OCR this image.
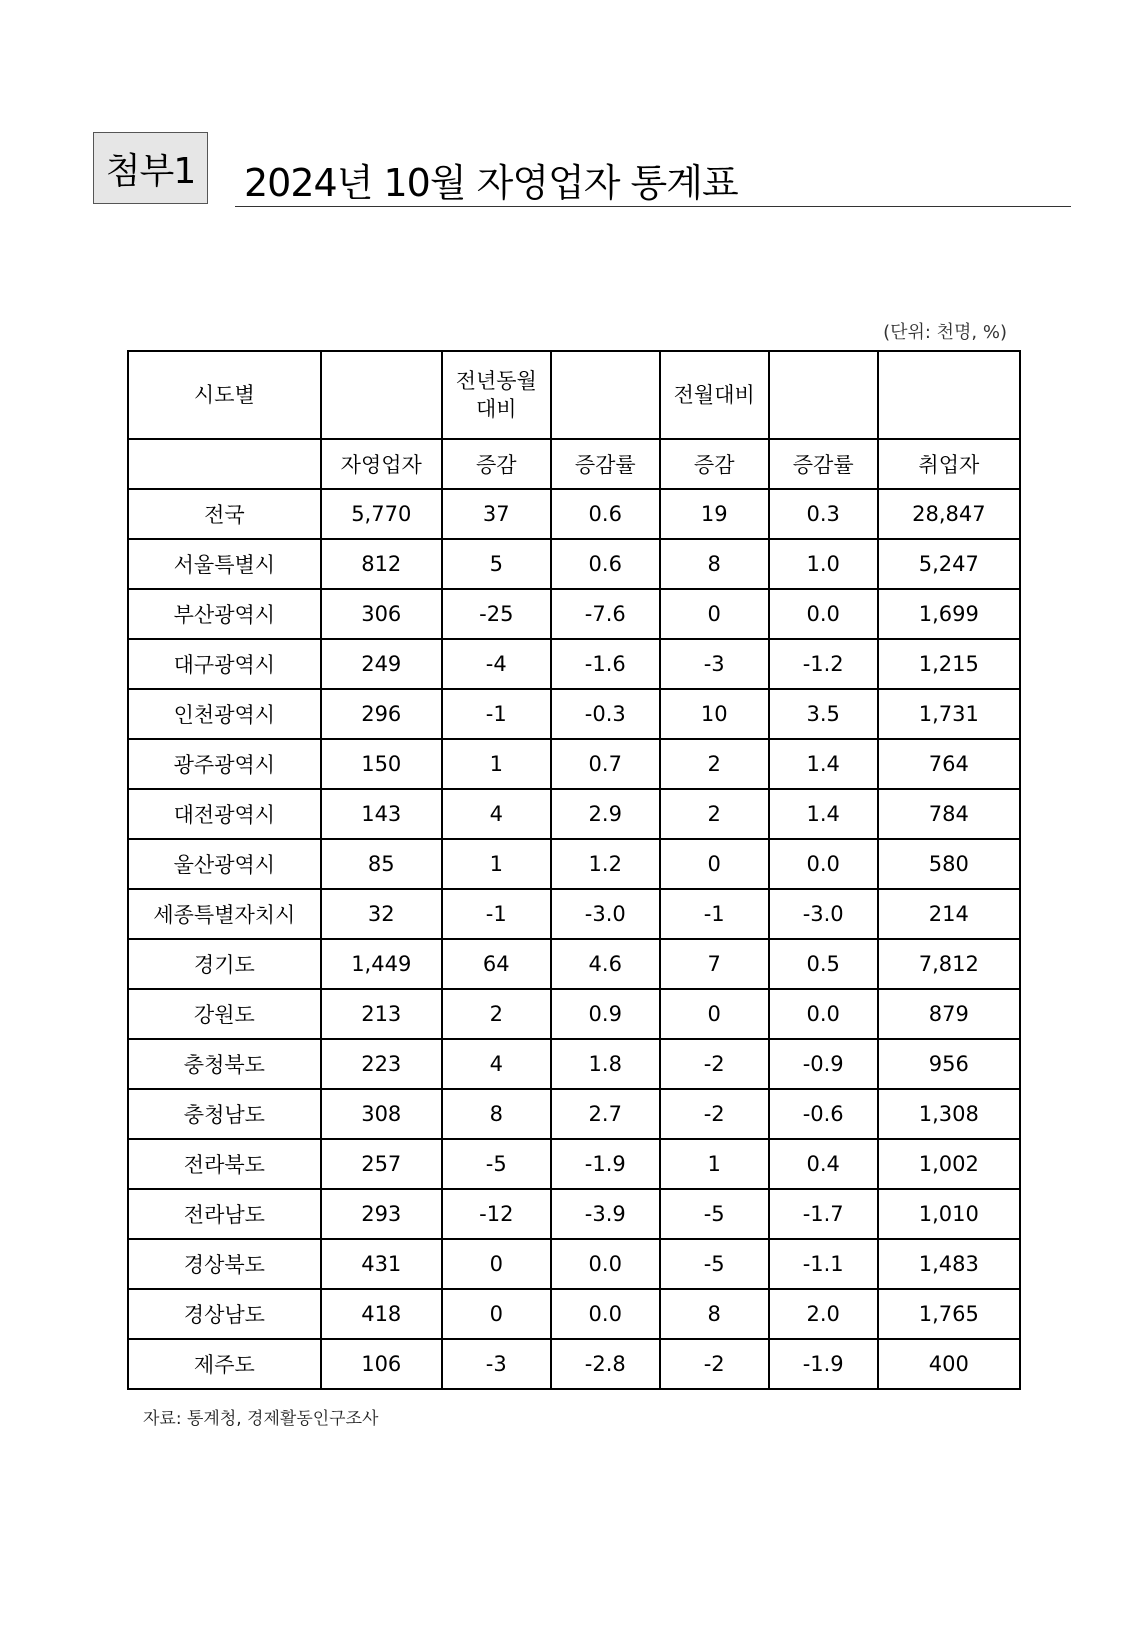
첨부1	2024년 10월 자영업자 통계표
(단위: 천명, %)
시도별		전년동월 대비		전월대비		
	자영업자	증감	증감률	증감	증감률	취업자
전국	5,770	37	0.6	19	0.3	28,847
서울특별시	812	5	0.6	8	1.0	5,247
부산광역시	306	-25	-7.6	0	0.0	1,699
대구광역시	249	-4	-1.6	-3	-1.2	1,215
인천광역시	296	-1	-0.3	10	3.5	1,731
광주광역시	150	1	0.7	2	1.4	764
대전광역시	143	4	2.9	2	1.4	784
울산광역시	85	1	1.2	0	0.0	580
세종특별자치시	32	-1	-3.0	-1	-3.0	214
경기도	1,449	64	4.6	7	0.5	7,812
강원도	213	2	0.9	0	0.0	879
충청북도	223	4	1.8	-2	-0.9	956
충청남도	308	8	2.7	-2	-0.6	1,308
전라북도	257	-5	-1.9	1	0.4	1,002
전라남도	293	-12	-3.9	-5	-1.7	1,010
경상북도	431	0	0.0	-5	-1.1	1,483
경상남도	418	0	0.0	8	2.0	1,765
제주도	106	-3	-2.8	-2	-1.9	400
자료: 통계청, 경제활동인구조사
